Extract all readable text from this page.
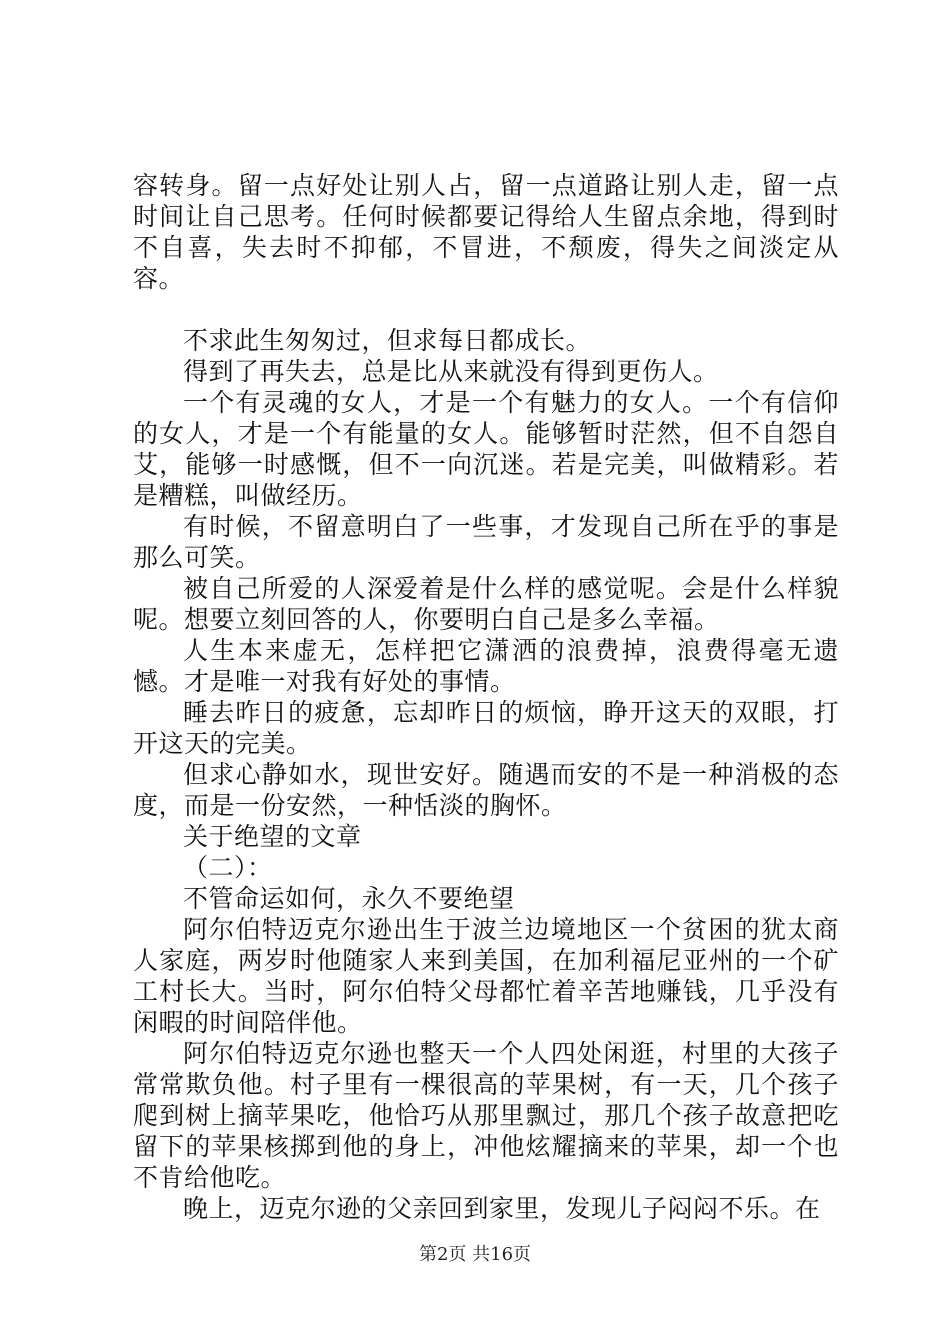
容转身。留一点好处让别人占，留一点道路让别人走，留一点时间让自己思考。任何时候都要记得给人生留点余地，得到时不自喜，失去时不抑郁，不冒进，不颓废，得失之间淡定从容。

不求此生匆匆过，但求每日都成长。

得到了再失去，总是比从来就没有得到更伤人。

一个有灵魂的女人，才是一个有魅力的女人。一个有信仰的女人，才是一个有能量的女人。能够暂时茫然，但不自怨自艾，能够一时感慨，但不一向沉迷。若是完美，叫做精彩。若是糟糕，叫做经历。

有时候，不留意明白了一些事，才发现自己所在乎的事是那么可笑。

被自己所爱的人深爱着是什么样的感觉呢。会是什么样貌呢。想要立刻回答的人，你要明白自己是多么幸福。

人生本来虚无，怎样把它潇洒的浪费掉，浪费得毫无遗憾。才是唯一对我有好处的事情。

睡去昨日的疲惫，忘却昨日的烦恼，睁开这天的双眼，打开这天的完美。

但求心静如水，现世安好。随遇而安的不是一种消极的态度，而是一份安然，一种恬淡的胸怀。

关于绝望的文章

（二）：

不管命运如何，永久不要绝望

阿尔伯特迈克尔逊出生于波兰边境地区一个贫困的犹太商人家庭，两岁时他随家人来到美国，在加利福尼亚州的一个矿工村长大。当时，阿尔伯特父母都忙着辛苦地赚钱，几乎没有闲暇的时间陪伴他。

阿尔伯特迈克尔逊也整天一个人四处闲逛，村里的大孩子常常欺负他。村子里有一棵很高的苹果树，有一天，几个孩子爬到树上摘苹果吃，他恰巧从那里飘过，那几个孩子故意把吃留下的苹果核掷到他的身上，冲他炫耀摘来的苹果，却一个也不肯给他吃。

晚上，迈克尔逊的父亲回到家里，发现儿子闷闷不乐。在

第2页 共16页
